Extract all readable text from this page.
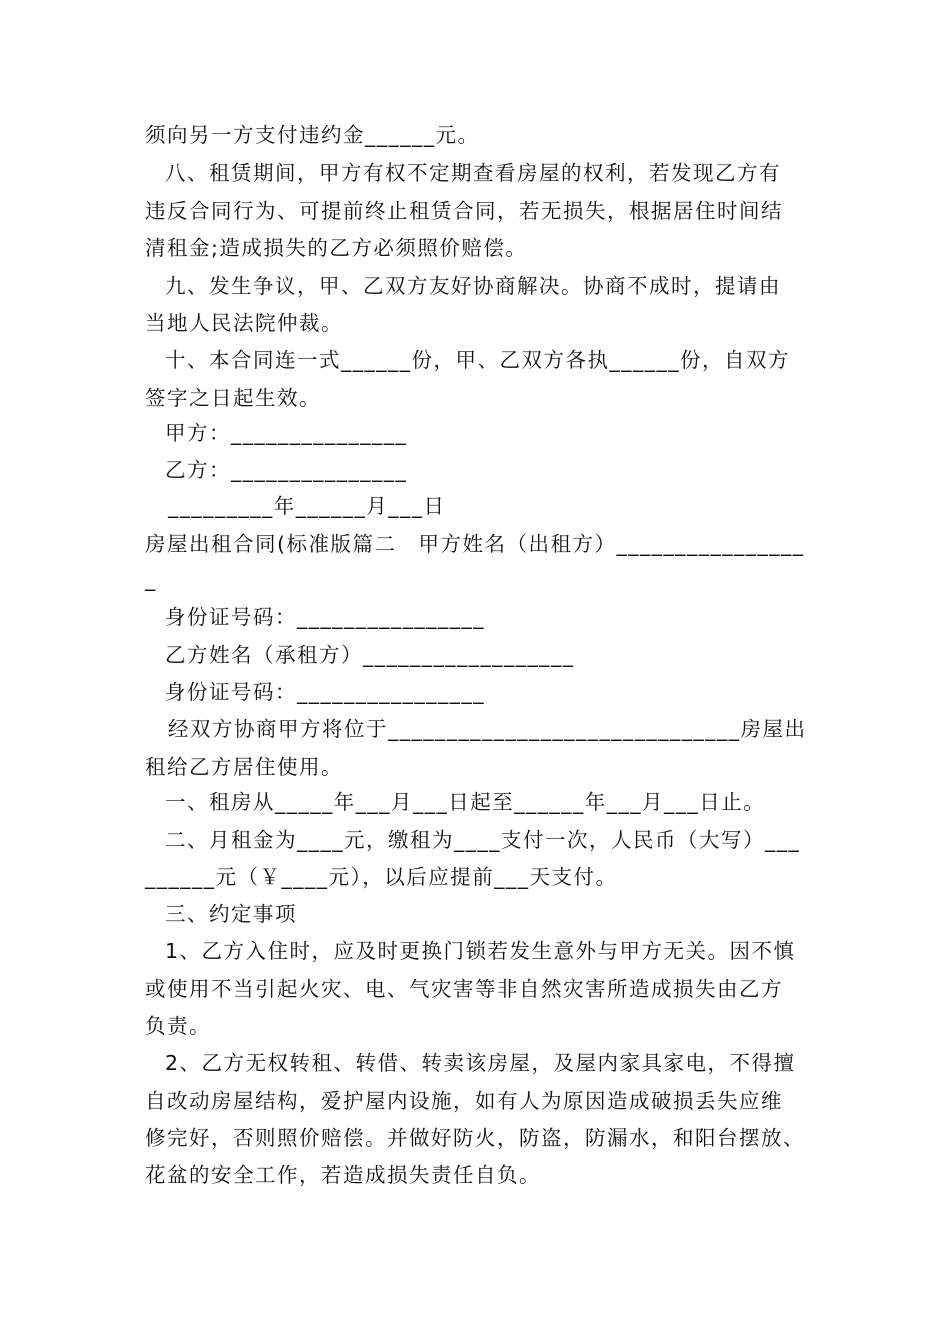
须向另一方支付违约金______元。
八、租赁期间，甲方有权不定期查看房屋的权利，若发现乙方有
违反合同行为、可提前终止租赁合同，若无损失，根据居住时间结
清租金;造成损失的乙方必须照价赔偿。
九、发生争议，甲、乙双方友好协商解决。协商不成时，提请由
当地人民法院仲裁。
十、本合同连一式______份，甲、乙双方各执______份，自双方
签字之日起生效。
甲方：_______________
乙方：_______________
_________年______月___日
房屋出租合同(标准版篇二　甲方姓名（出租方）________________
_
身份证号码：________________
乙方姓名（承租方）__________________
身份证号码：________________
经双方协商甲方将位于______________________________房屋出
租给乙方居住使用。
一、租房从_____年___月___日起至______年___月___日止。
二、月租金为____元，缴租为____支付一次，人民币（大写）___
______元（￥____元），以后应提前___天支付。
三、约定事项
1、乙方入住时，应及时更换门锁若发生意外与甲方无关。因不慎
或使用不当引起火灾、电、气灾害等非自然灾害所造成损失由乙方
负责。
2、乙方无权转租、转借、转卖该房屋，及屋内家具家电，不得擅
自改动房屋结构，爱护屋内设施，如有人为原因造成破损丢失应维
修完好，否则照价赔偿。并做好防火，防盗，防漏水，和阳台摆放、
花盆的安全工作，若造成损失责任自负。
